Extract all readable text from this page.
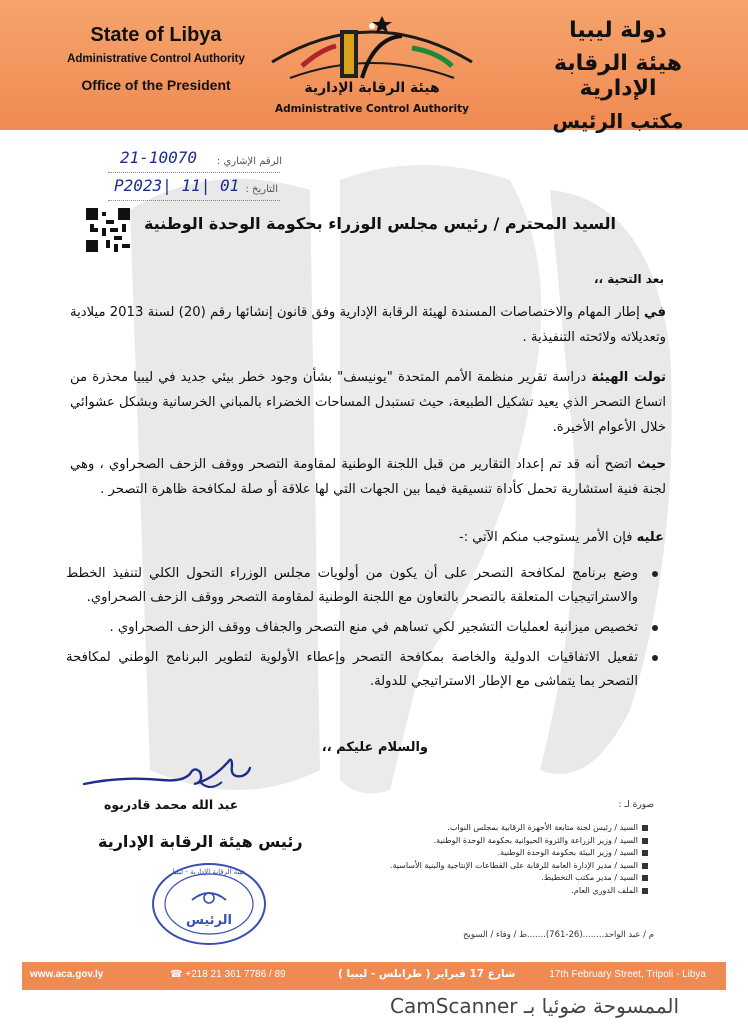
State of Libya
Administrative Control Authority
Office of the President	هيئة الرقابة الإدارية
Administrative Control Authority
دولة ليبيا
هيئة الرقابة الإدارية
مكتب الرئيس
الرقم الإشاري :
21-10070
التاريخ :
P2023| 11| 01
السيد المحترم / رئيس مجلس الوزراء بحكومة الوحدة الوطنية
بعد التحية ،،
في إطار المهام والاختصاصات المسندة لهيئة الرقابة الإدارية وفق قانون إنشائها رقم (20) لسنة 2013 ميلادية وتعديلاته ولائحته التنفيذية .
تولت الهيئة دراسة تقرير منظمة الأمم المتحدة "يونيسف" بشأن وجود خطر بيئي جديد في ليبيا محذرة من اتساع التصحر الذي يعيد تشكيل الطبيعة، حيث تستبدل المساحات الخضراء بالمباني الخرسانية وبشكل عشوائي خلال الأعوام الأخيرة.
حيث اتضح أنه قد تم إعداد التقارير من قبل اللجنة الوطنية لمقاومة التصحر ووقف الزحف الصحراوي ، وهي لجنة فنية استشارية تحمل كأداة تنسيقية فيما بين الجهات التي لها علاقة أو صلة لمكافحة ظاهرة التصحر .
عليه فإن الأمر يستوجب منكم الآتي :-
وضع برنامج لمكافحة التصحر على أن يكون من أولويات مجلس الوزراء التحول الكلي لتنفيذ الخطط والاستراتيجيات المتعلقة بالتصحر بالتعاون مع اللجنة الوطنية لمقاومة التصحر ووقف الزحف الصحراوي.
تخصيص ميزانية لعمليات التشجير لكي تساهم في منع التصحر والجفاف ووقف الزحف الصحراوي .
تفعيل الاتفاقيات الدولية والخاصة بمكافحة التصحر وإعطاء الأولوية لتطوير البرنامج الوطني لمكافحة التصحر بما يتماشى مع الإطار الاستراتيجي للدولة.
والسلام عليكم ،،
عبد الله محمد قادربوه
رئيس هيئة الرقابة الإدارية
هيئة الرقابة الإدارية - ليبيا
الرئيس
صورة لـ :
السيد / رئيس لجنة متابعة الأجهزة الرقابية بمجلس النواب.
السيد / وزير الزراعة والثروة الحيوانية بحكومة الوحدة الوطنية.
السيد / وزير البيئة بحكومة الوحدة الوطنية.
السيد / مدير الإدارة العامة للرقابة على القطاعات الإنتاجية والبنية الأساسية.
السيد / مدير مكتب التخطيط.
الملف الدوري العام.
م / عبد الواحد........(26-761).......ط / وفاء / السويح
www.aca.gov.ly	☎ +218 21 361 7786 / 89	شارع 17 فبراير ( طرابلس - ليبيا )	17th February Street, Tripoli - Libya
الممسوحة ضوئيا بـ CamScanner
